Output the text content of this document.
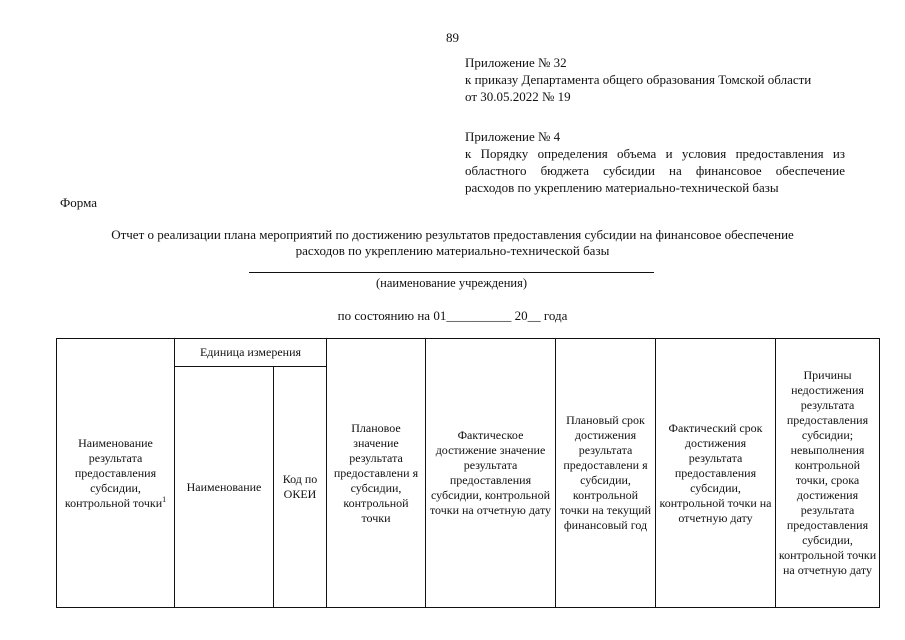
89
Приложение № 32
к приказу Департамента общего образования Томской области
от 30.05.2022 № 19
Приложение № 4
к Порядку определения объема и условия предоставления из
областного бюджета субсидии на финансовое обеспечение
расходов по укреплению материально-технической базы
Форма
Отчет о реализации плана мероприятий по достижению результатов предоставления субсидии на финансовое обеспечение
расходов по укреплению материально-технической базы
(наименование учреждения)
по состоянию на 01__________ 20__ года
Наименование результата предоставления субсидии, контрольной точки$^1$	Единица измерения		Плановое значение результата предоставлени я субсидии, контрольной точки	Фактическое достижение значение результата предоставления субсидии, контрольной точки на отчетную дату	Плановый срок достижения результата предоставлени я субсидии, контрольной точки на текущий финансовый год	Фактический срок достижения результата предоставления субсидии, контрольной точки на отчетную дату	Причины недостижения результата предоставления субсидии; невыполнения контрольной точки, срока достижения результата предоставления субсидии, контрольной точки на отчетную дату
	Наименование	Код по ОКЕИ					
